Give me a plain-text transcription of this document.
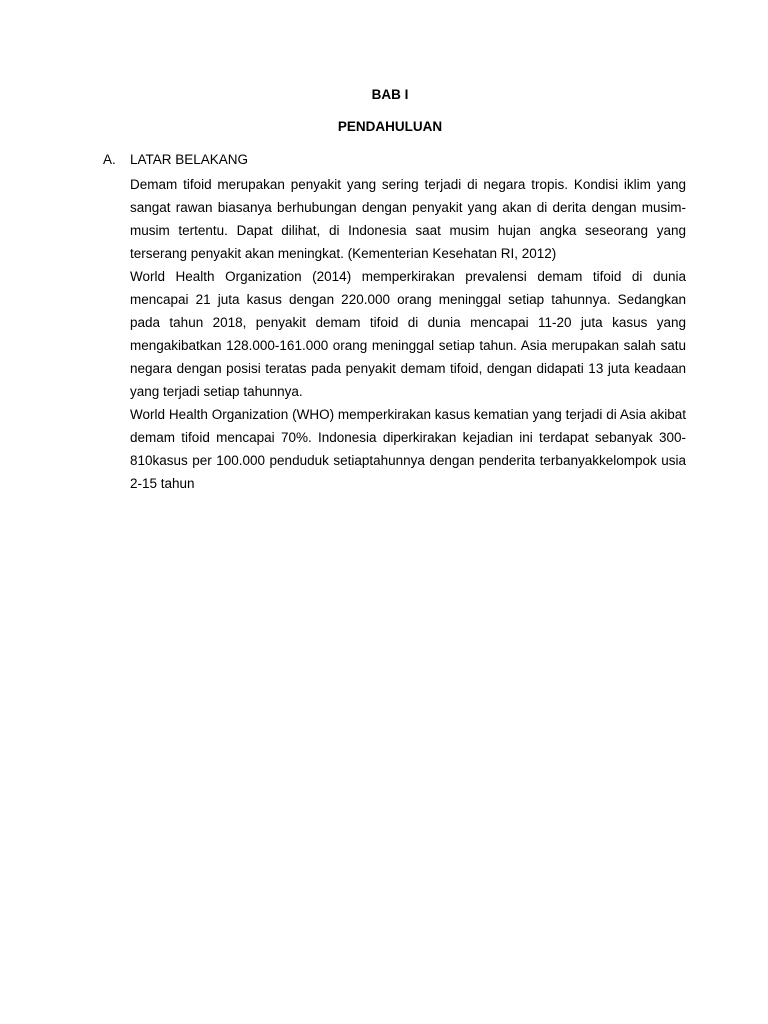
BAB I
PENDAHULUAN
A. LATAR BELAKANG

Demam tifoid merupakan penyakit yang sering terjadi di negara tropis. Kondisi iklim yang sangat rawan biasanya berhubungan dengan penyakit yang akan di derita dengan musim-musim tertentu. Dapat dilihat, di Indonesia saat musim hujan angka seseorang yang terserang penyakit akan meningkat. (Kementerian Kesehatan RI, 2012)

World Health Organization (2014) memperkirakan prevalensi demam tifoid di dunia mencapai 21 juta kasus dengan 220.000 orang meninggal setiap tahunnya. Sedangkan pada tahun 2018, penyakit demam tifoid di dunia mencapai 11-20 juta kasus yang mengakibatkan 128.000-161.000 orang meninggal setiap tahun. Asia merupakan salah satu negara dengan posisi teratas pada penyakit demam tifoid, dengan didapati 13 juta keadaan yang terjadi setiap tahunnya.

World Health Organization (WHO) memperkirakan kasus kematian yang terjadi di Asia akibat demam tifoid mencapai 70%. Indonesia diperkirakan kejadian ini terdapat sebanyak 300-810kasus per 100.000 penduduk setiaptahunnya dengan penderita terbanyakkelompok usia 2-15 tahun
